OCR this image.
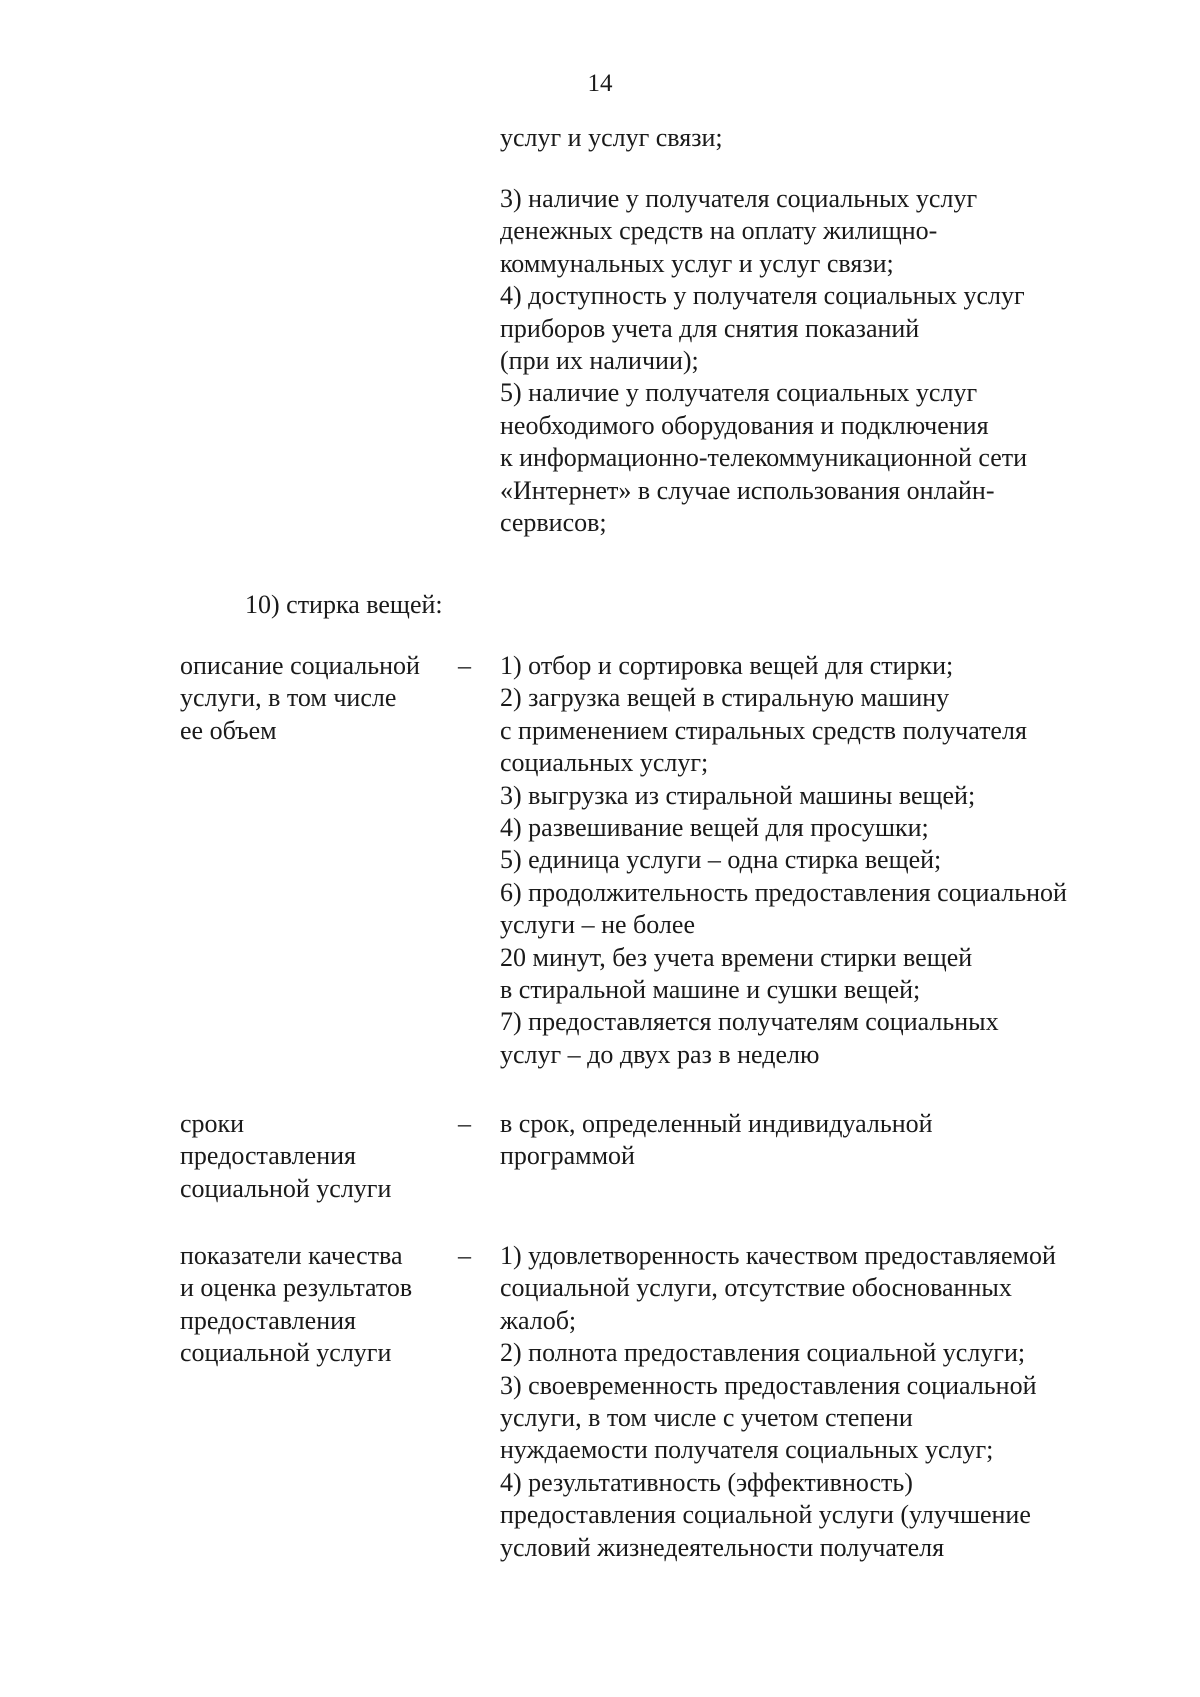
14
услуг и услуг связи;
3) наличие у получателя социальных услуг
денежных средств на оплату жилищно-
коммунальных услуг и услуг связи;
4) доступность у получателя социальных услуг
приборов учета для снятия показаний
(при их наличии);
5) наличие у получателя социальных услуг
необходимого оборудования и подключения
к информационно-телекоммуникационной сети
«Интернет» в случае использования онлайн-
сервисов;
10) стирка вещей:
описание социальной
услуги, в том числе
ее объем
– 1) отбор и сортировка вещей для стирки;
2) загрузка вещей в стиральную машину
с применением стиральных средств получателя
социальных услуг;
3) выгрузка из стиральной машины вещей;
4) развешивание вещей для просушки;
5) единица услуги – одна стирка вещей;
6) продолжительность предоставления социальной
услуги – не более
20 минут, без учета времени стирки вещей
в стиральной машине и сушки вещей;
7) предоставляется получателям социальных
услуг – до двух раз в неделю
сроки
предоставления
социальной услуги
– в срок, определенный индивидуальной
программой
показатели качества
и оценка результатов
предоставления
социальной услуги
– 1) удовлетворенность качеством предоставляемой
социальной услуги, отсутствие обоснованных
жалоб;
2) полнота предоставления социальной услуги;
3) своевременность предоставления социальной
услуги, в том числе с учетом степени
нуждаемости получателя социальных услуг;
4) результативность (эффективность)
предоставления социальной услуги (улучшение
условий жизнедеятельности получателя
